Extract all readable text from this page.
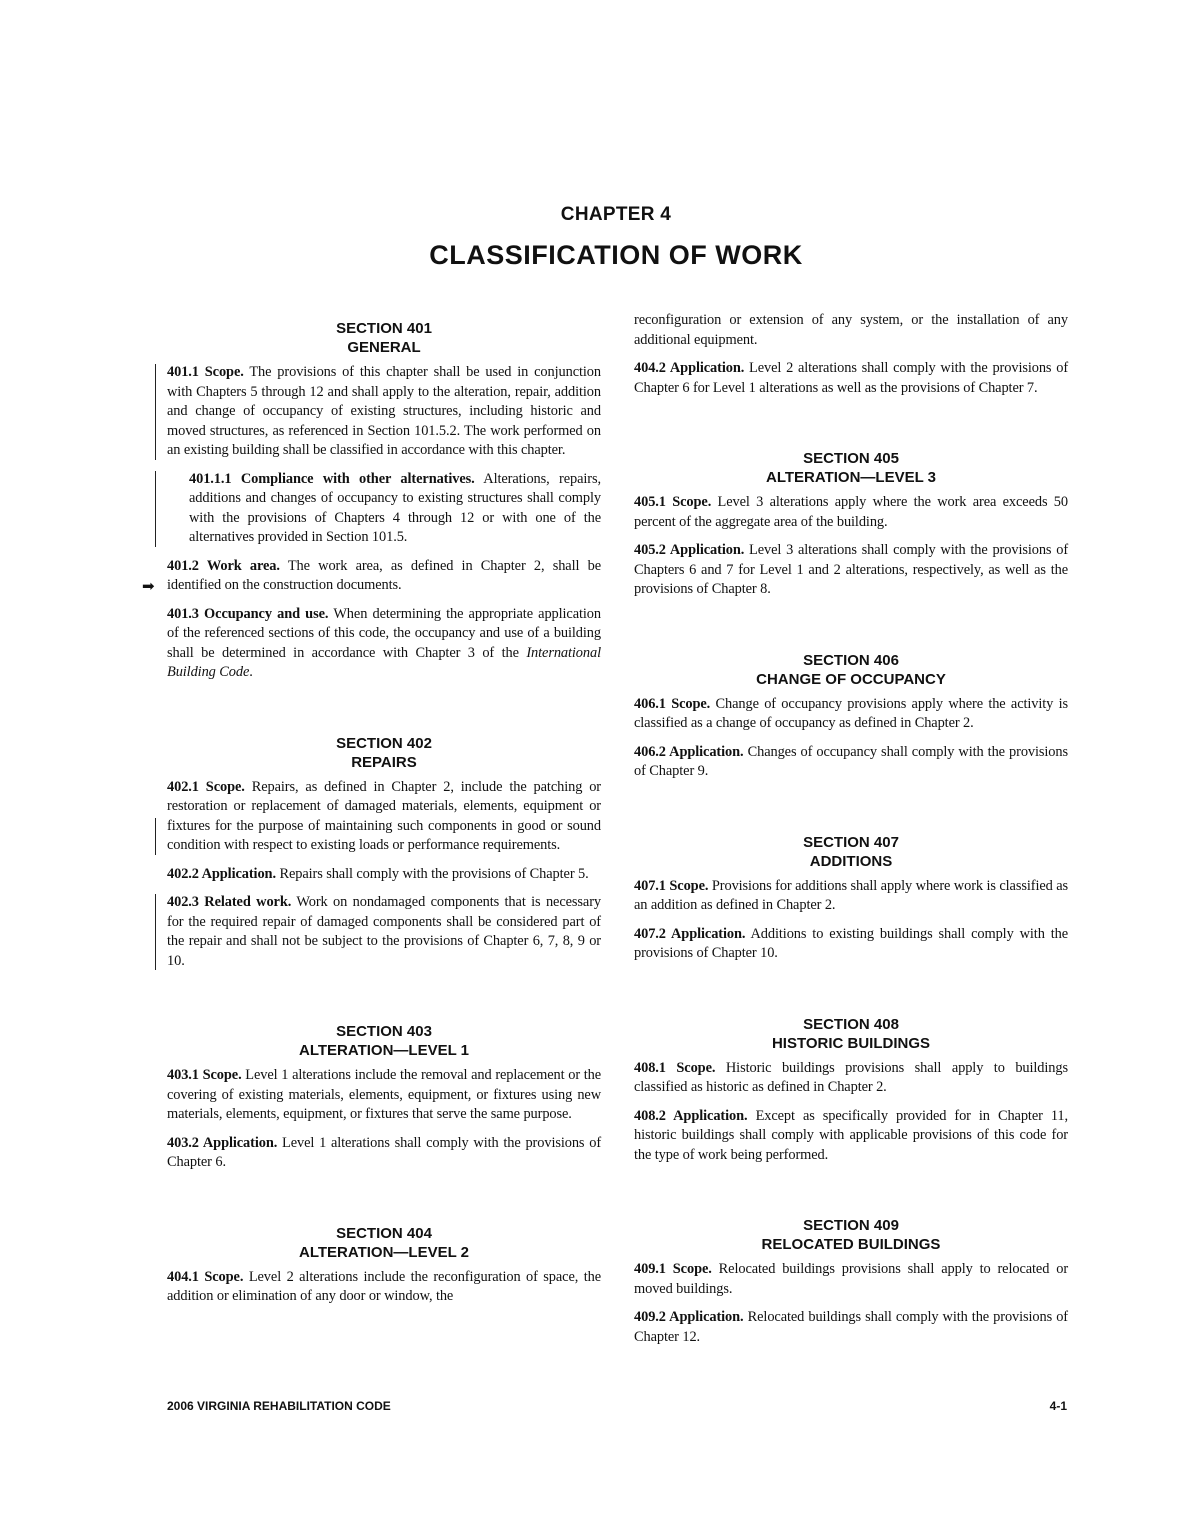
CHAPTER 4
CLASSIFICATION OF WORK
SECTION 401
GENERAL

401.1 Scope. The provisions of this chapter shall be used in conjunction with Chapters 5 through 12 and shall apply to the alteration, repair, addition and change of occupancy of existing structures, including historic and moved structures, as referenced in Section 101.5.2. The work performed on an existing building shall be classified in accordance with this chapter.

401.1.1 Compliance with other alternatives. Alterations, repairs, additions and changes of occupancy to existing structures shall comply with the provisions of Chapters 4 through 12 or with one of the alternatives provided in Section 101.5.

➡
401.2 Work area. The work area, as defined in Chapter 2, shall be identified on the construction documents.

401.3 Occupancy and use. When determining the appropriate application of the referenced sections of this code, the occupancy and use of a building shall be determined in accordance with Chapter 3 of the International Building Code.

SECTION 402
REPAIRS

402.1 Scope. Repairs, as defined in Chapter 2, include the patching or restoration or replacement of damaged materials, elements, equipment or fixtures for the purpose of maintaining such components in good or sound condition with respect to existing loads or performance requirements.

402.2 Application. Repairs shall comply with the provisions of Chapter 5.

402.3 Related work. Work on nondamaged components that is necessary for the required repair of damaged components shall be considered part of the repair and shall not be subject to the provisions of Chapter 6, 7, 8, 9 or 10.

SECTION 403
ALTERATION—LEVEL 1

403.1 Scope. Level 1 alterations include the removal and replacement or the covering of existing materials, elements, equipment, or fixtures using new materials, elements, equipment, or fixtures that serve the same purpose.

403.2 Application. Level 1 alterations shall comply with the provisions of Chapter 6.

SECTION 404
ALTERATION—LEVEL 2

404.1 Scope. Level 2 alterations include the reconfiguration of space, the addition or elimination of any door or window, the

reconfiguration or extension of any system, or the installation of any additional equipment.

404.2 Application. Level 2 alterations shall comply with the provisions of Chapter 6 for Level 1 alterations as well as the provisions of Chapter 7.

SECTION 405
ALTERATION—LEVEL 3

405.1 Scope. Level 3 alterations apply where the work area exceeds 50 percent of the aggregate area of the building.

405.2 Application. Level 3 alterations shall comply with the provisions of Chapters 6 and 7 for Level 1 and 2 alterations, respectively, as well as the provisions of Chapter 8.

SECTION 406
CHANGE OF OCCUPANCY

406.1 Scope. Change of occupancy provisions apply where the activity is classified as a change of occupancy as defined in Chapter 2.

406.2 Application. Changes of occupancy shall comply with the provisions of Chapter 9.

SECTION 407
ADDITIONS

407.1 Scope. Provisions for additions shall apply where work is classified as an addition as defined in Chapter 2.

407.2 Application. Additions to existing buildings shall comply with the provisions of Chapter 10.

SECTION 408
HISTORIC BUILDINGS

408.1 Scope. Historic buildings provisions shall apply to buildings classified as historic as defined in Chapter 2.

408.2 Application. Except as specifically provided for in Chapter 11, historic buildings shall comply with applicable provisions of this code for the type of work being performed.

SECTION 409
RELOCATED BUILDINGS

409.1 Scope. Relocated buildings provisions shall apply to relocated or moved buildings.

409.2 Application. Relocated buildings shall comply with the provisions of Chapter 12.

2006 VIRGINIA REHABILITATION CODE	4-1
